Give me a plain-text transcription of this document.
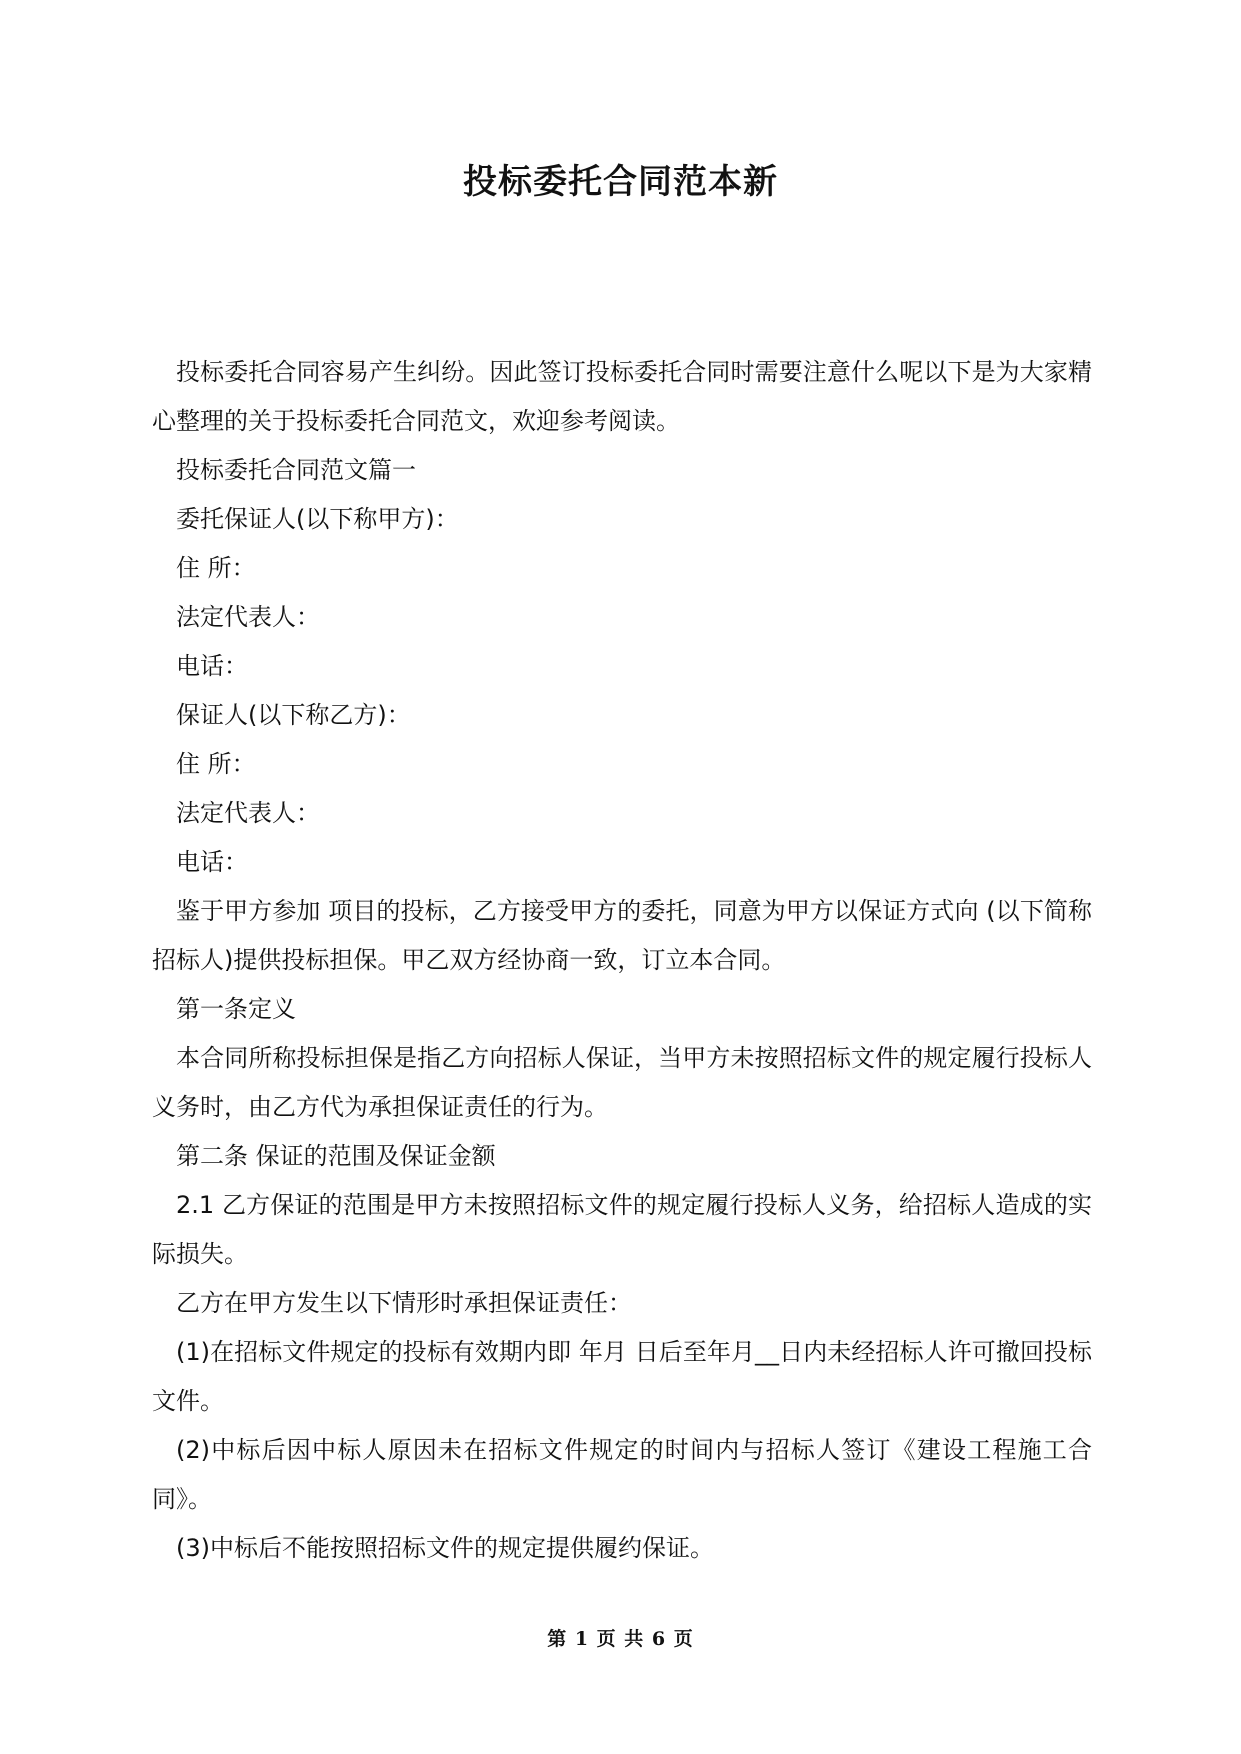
投标委托合同范本新

投标委托合同容易产生纠纷。因此签订投标委托合同时需要注意什么呢以下是为大家精心整理的关于投标委托合同范文，欢迎参考阅读。

投标委托合同范文篇一

委托保证人(以下称甲方)：

住 所：

法定代表人：

电话：

保证人(以下称乙方)：

住 所：

法定代表人：

电话：

鉴于甲方参加 项目的投标，乙方接受甲方的委托，同意为甲方以保证方式向 (以下简称招标人)提供投标担保。甲乙双方经协商一致，订立本合同。

第一条定义

本合同所称投标担保是指乙方向招标人保证，当甲方未按照招标文件的规定履行投标人义务时，由乙方代为承担保证责任的行为。

第二条 保证的范围及保证金额

2.1 乙方保证的范围是甲方未按照招标文件的规定履行投标人义务，给招标人造成的实际损失。

乙方在甲方发生以下情形时承担保证责任：

(1)在招标文件规定的投标有效期内即 年月 日后至年月__日内未经招标人许可撤回投标文件。

(2)中标后因中标人原因未在招标文件规定的时间内与招标人签订《建设工程施工合同》。

(3)中标后不能按照招标文件的规定提供履约保证。

第 1 页 共 6 页
